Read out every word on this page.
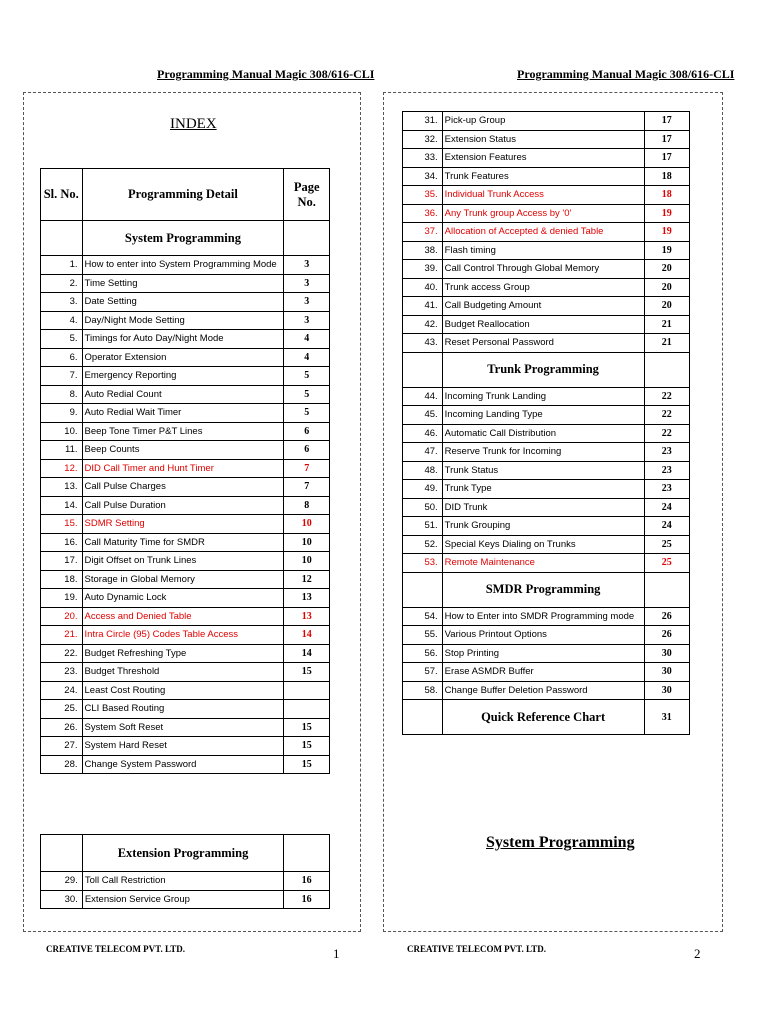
Programming Manual Magic 308/616-CLI	Programming Manual Magic 308/616-CLI
INDEX
Sl. No.	Programming Detail	Page No.
	System Programming	
1.	How to enter into System Programming Mode	3
2.	Time Setting	3
3.	Date Setting	3
4.	Day/Night Mode Setting	3
5.	Timings for Auto Day/Night Mode	4
6.	Operator Extension	4
7.	Emergency Reporting	5
8.	Auto Redial Count	5
9.	Auto Redial Wait Timer	5
10.	Beep Tone Timer P&T Lines	6
11.	Beep Counts	6
12.	DID Call Timer and Hunt Timer	7
13.	Call Pulse Charges	7
14.	Call Pulse Duration	8
15.	SDMR Setting	10
16.	Call Maturity Time for SMDR	10
17.	Digit Offset on Trunk Lines	10
18.	Storage in Global Memory	12
19.	Auto Dynamic Lock	13
20.	Access and Denied Table	13
21.	Intra Circle (95) Codes Table Access	14
22.	Budget Refreshing Type	14
23.	Budget Threshold	15
24.	Least Cost Routing	
25.	CLI Based Routing	
26.	System Soft Reset	15
27.	System Hard Reset	15
28.	Change System Password	15
	Extension Programming	
29.	Toll Call Restriction	16
30.	Extension Service Group	16
CREATIVE TELECOM PVT. LTD.	1
31.	Pick-up Group	17
32.	Extension Status	17
33.	Extension Features	17
34.	Trunk Features	18
35.	Individual Trunk Access	18
36.	Any Trunk group Access by '0'	19
37.	Allocation of Accepted & denied Table	19
38.	Flash timing	19
39.	Call Control Through Global Memory	20
40.	Trunk access Group	20
41.	Call Budgeting Amount	20
42.	Budget Reallocation	21
43.	Reset Personal Password	21
	Trunk Programming	
44.	Incoming Trunk Landing	22
45.	Incoming Landing Type	22
46.	Automatic Call Distribution	22
47.	Reserve Trunk for Incoming	23
48.	Trunk Status	23
49.	Trunk Type	23
50.	DID Trunk	24
51.	Trunk Grouping	24
52.	Special Keys Dialing on Trunks	25
53.	Remote Maintenance	25
	SMDR Programming	
54.	How to Enter into SMDR Programming mode	26
55.	Various Printout Options	26
56.	Stop Printing	30
57.	Erase ASMDR Buffer	30
58.	Change Buffer Deletion Password	30
	Quick Reference Chart	31
System Programming
CREATIVE TELECOM PVT. LTD.	2
